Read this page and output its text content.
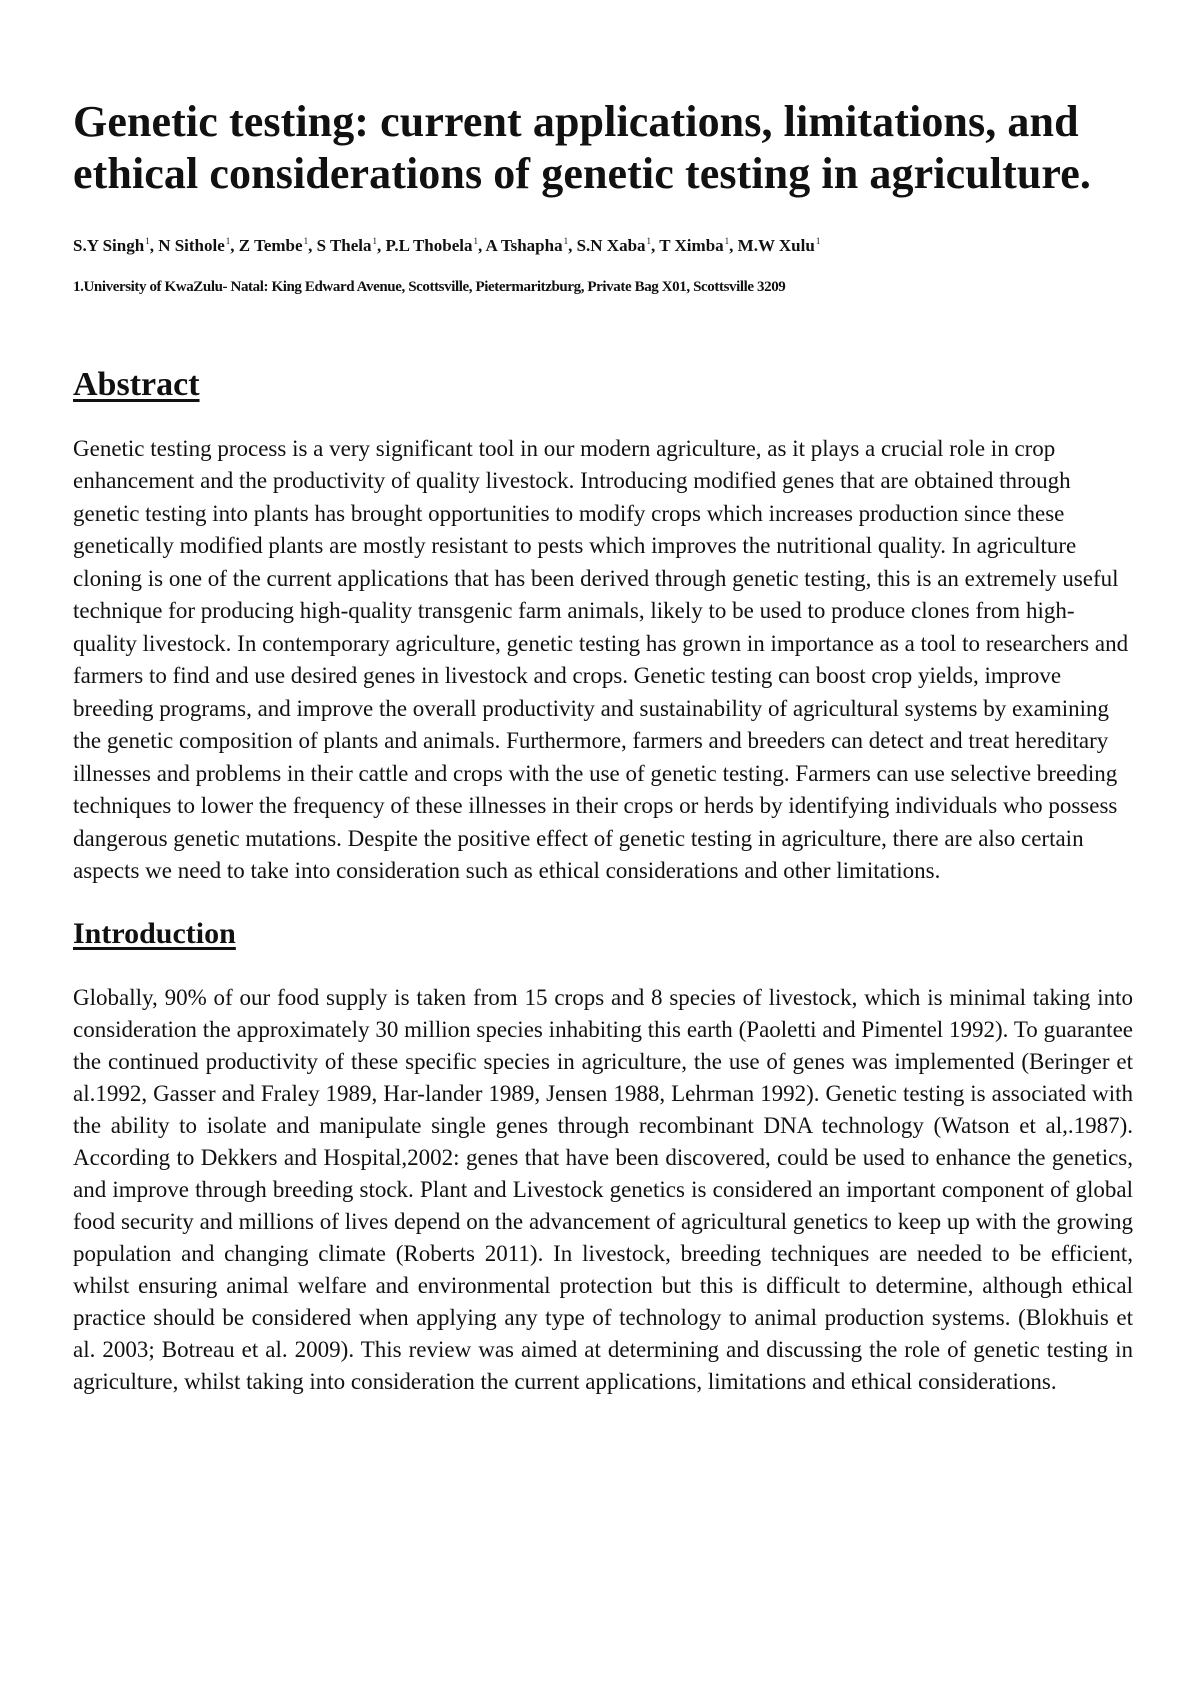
Genetic testing: current applications, limitations, and ethical considerations of genetic testing in agriculture.
S.Y Singh$^1$, N Sithole$^1$, Z Tembe$^1$, S Thela$^1$, P.L Thobela$^1$, A Tshapha$^1$, S.N Xaba$^1$, T Ximba$^1$, M.W Xulu$^1$
1.University of KwaZulu- Natal: King Edward Avenue, Scottsville, Pietermaritzburg, Private Bag X01, Scottsville 3209
Abstract

Genetic testing process is a very significant tool in our modern agriculture, as it plays a crucial role in crop enhancement and the productivity of quality livestock. Introducing modified genes that are obtained through genetic testing into plants has brought opportunities to modify crops which increases production since these genetically modified plants are mostly resistant to pests which improves the nutritional quality. In agriculture cloning is one of the current applications that has been derived through genetic testing, this is an extremely useful technique for producing high-quality transgenic farm animals, likely to be used to produce clones from high-quality livestock. In contemporary agriculture, genetic testing has grown in importance as a tool to researchers and farmers to find and use desired genes in livestock and crops. Genetic testing can boost crop yields, improve breeding programs, and improve the overall productivity and sustainability of agricultural systems by examining the genetic composition of plants and animals. Furthermore, farmers and breeders can detect and treat hereditary illnesses and problems in their cattle and crops with the use of genetic testing. Farmers can use selective breeding techniques to lower the frequency of these illnesses in their crops or herds by identifying individuals who possess dangerous genetic mutations. Despite the positive effect of genetic testing in agriculture, there are also certain aspects we need to take into consideration such as ethical considerations and other limitations.

Introduction

Globally, 90% of our food supply is taken from 15 crops and 8 species of livestock, which is minimal taking into consideration the approximately 30 million species inhabiting this earth (Paoletti and Pimentel 1992). To guarantee the continued productivity of these specific species in agriculture, the use of genes was implemented (Beringer et al.1992, Gasser and Fraley 1989, Har-lander 1989, Jensen 1988, Lehrman 1992). Genetic testing is associated with the ability to isolate and manipulate single genes through recombinant DNA technology (Watson et al,.1987). According to Dekkers and Hospital,2002: genes that have been discovered, could be used to enhance the genetics, and improve through breeding stock. Plant and Livestock genetics is considered an important component of global food security and millions of lives depend on the advancement of agricultural genetics to keep up with the growing population and changing climate (Roberts 2011). In livestock, breeding techniques are needed to be efficient, whilst ensuring animal welfare and environmental protection but this is difficult to determine, although ethical practice should be considered when applying any type of technology to animal production systems. (Blokhuis et al. 2003; Botreau et al. 2009). This review was aimed at determining and discussing the role of genetic testing in agriculture, whilst taking into consideration the current applications, limitations and ethical considerations.
